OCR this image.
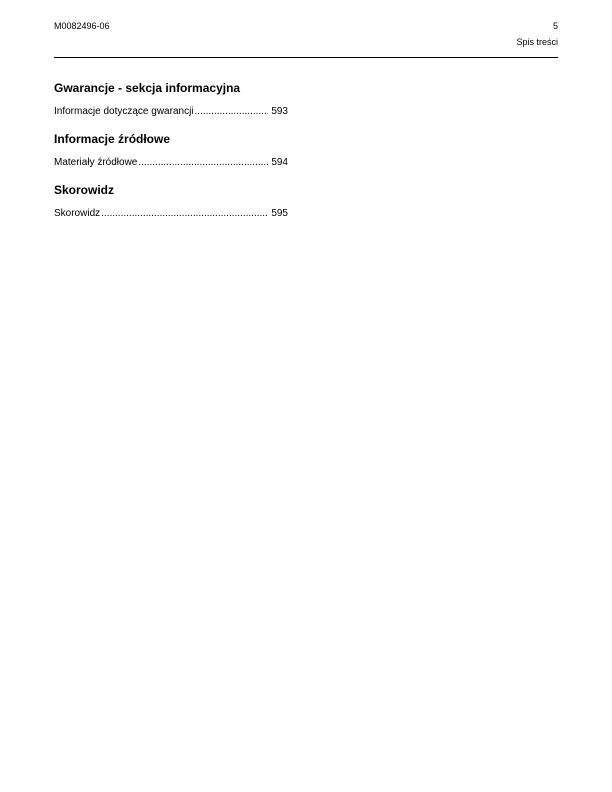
M0082496-06	5
Spis treści
Gwarancje - sekcja informacyjna
Informacje dotyczące gwarancji .....	593
Informacje źródłowe
Materiały źródłowe .....	594
Skorowidz
Skorowidz .....	595
